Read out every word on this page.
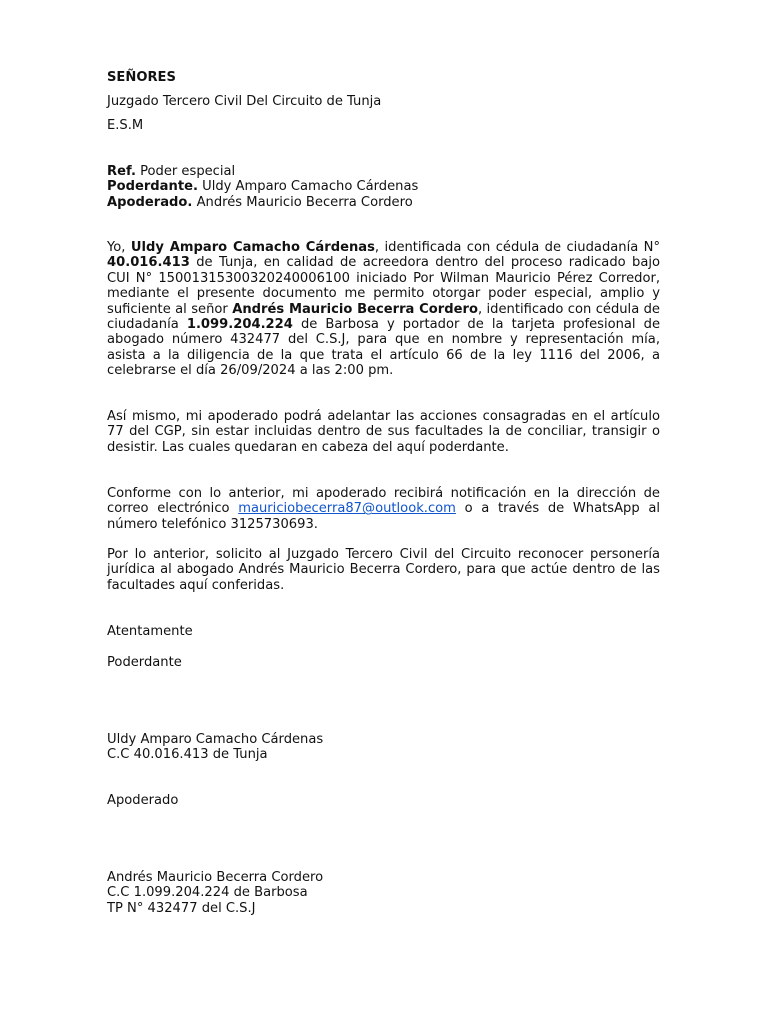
SEÑORES
Juzgado Tercero Civil Del Circuito de Tunja
E.S.M
Ref. Poder especial
Poderdante. Uldy Amparo Camacho Cárdenas
Apoderado. Andrés Mauricio Becerra Cordero

Yo, Uldy Amparo Camacho Cárdenas, identificada con cédula de ciudadanía N° 40.016.413 de Tunja, en calidad de acreedora dentro del proceso radicado bajo CUI N° 150013153003202400061​00 iniciado Por Wilman Mauricio Pérez Corredor, mediante el presente documento me permito otorgar poder especial, amplio y suficiente al señor Andrés Mauricio Becerra Cordero, identificado con cédula de ciudadanía 1.099.204.224 de Barbosa y portador de la tarjeta profesional de abogado número 432477 del C.S.J, para que en nombre y representación mía, asista a la diligencia de la que trata el artículo 66 de la ley 1116 del 2006, a celebrarse el día 26/09/2024 a las 2:00 pm.

Así mismo, mi apoderado podrá adelantar las acciones consagradas en el artículo 77 del CGP, sin estar incluidas dentro de sus facultades la de conciliar, transigir o desistir. Las cuales quedaran en cabeza del aquí poderdante.

Conforme con lo anterior, mi apoderado recibirá notificación en la dirección de correo electrónico mauriciobecerra87@outlook.com o a través de WhatsApp al número telefónico 3125730693.

Por lo anterior, solicito al Juzgado Tercero Civil del Circuito reconocer personería jurídica al abogado Andrés Mauricio Becerra Cordero, para que actúe dentro de las facultades aquí conferidas.

Atentamente
Poderdante
Uldy Amparo Camacho Cárdenas
C.C 40.016.413 de Tunja
Apoderado
Andrés Mauricio Becerra Cordero
C.C 1.099.204.224 de Barbosa
TP N° 432477 del C.S.J
